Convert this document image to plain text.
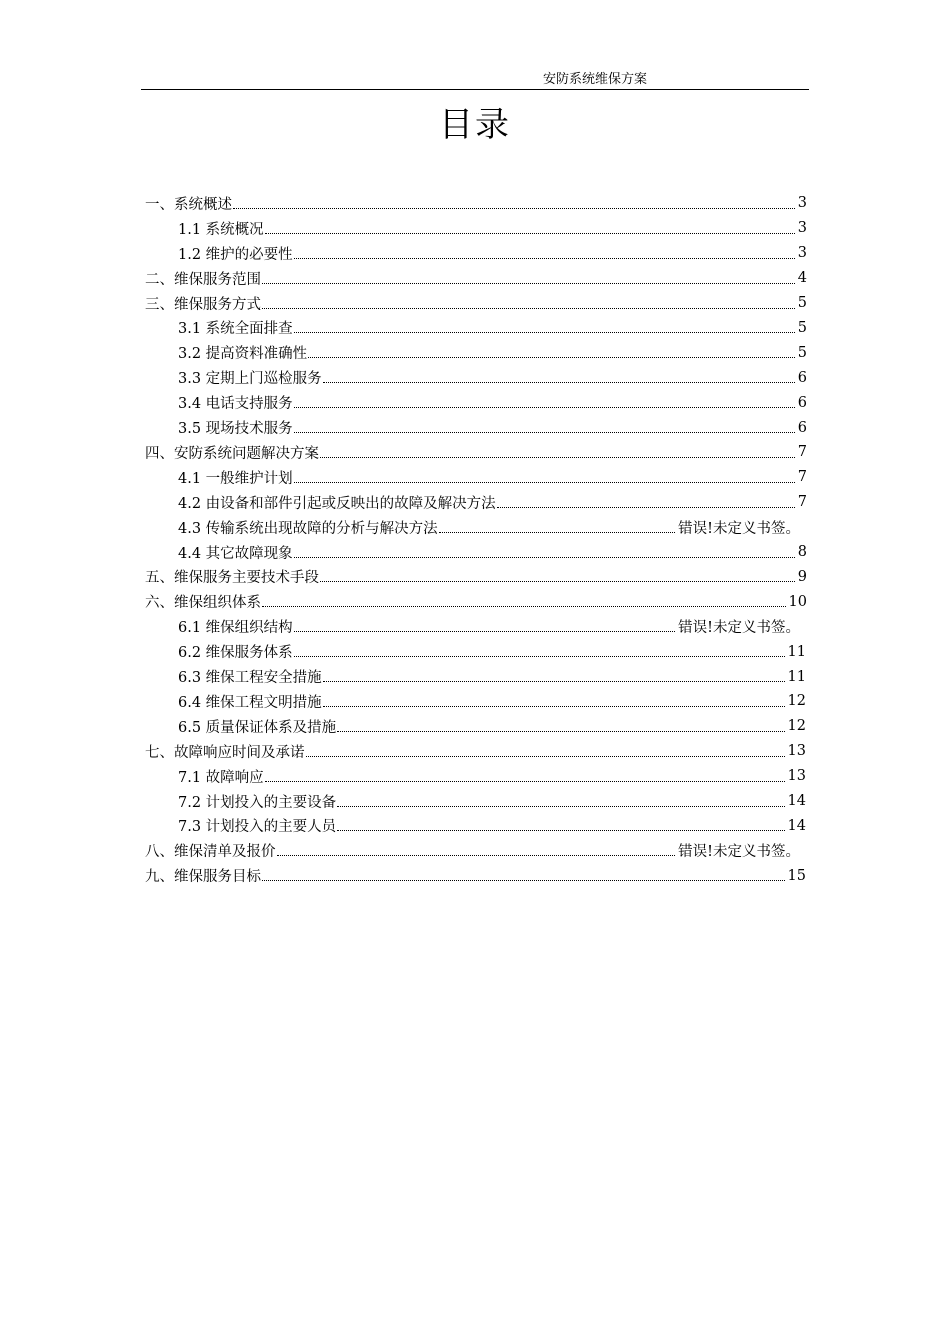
安防系统维保方案
目录
一、系统概述	3
1.1 系统概况	3
1.2 维护的必要性	3
二、维保服务范围	4
三、维保服务方式	5
3.1 系统全面排查	5
3.2 提高资料准确性	5
3.3 定期上门巡检服务	6
3.4 电话支持服务	6
3.5 现场技术服务	6
四、安防系统问题解决方案	7
4.1 一般维护计划	7
4.2 由设备和部件引起或反映出的故障及解决方法	7
4.3 传输系统出现故障的分析与解决方法	错误!未定义书签。
4.4 其它故障现象	8
五、维保服务主要技术手段	9
六、维保组织体系	10
6.1 维保组织结构	错误!未定义书签。
6.2 维保服务体系	11
6.3 维保工程安全措施	11
6.4 维保工程文明措施	12
6.5 质量保证体系及措施	12
七、故障响应时间及承诺	13
7.1 故障响应	13
7.2 计划投入的主要设备	14
7.3 计划投入的主要人员	14
八、维保清单及报价	错误!未定义书签。
九、维保服务目标	15
